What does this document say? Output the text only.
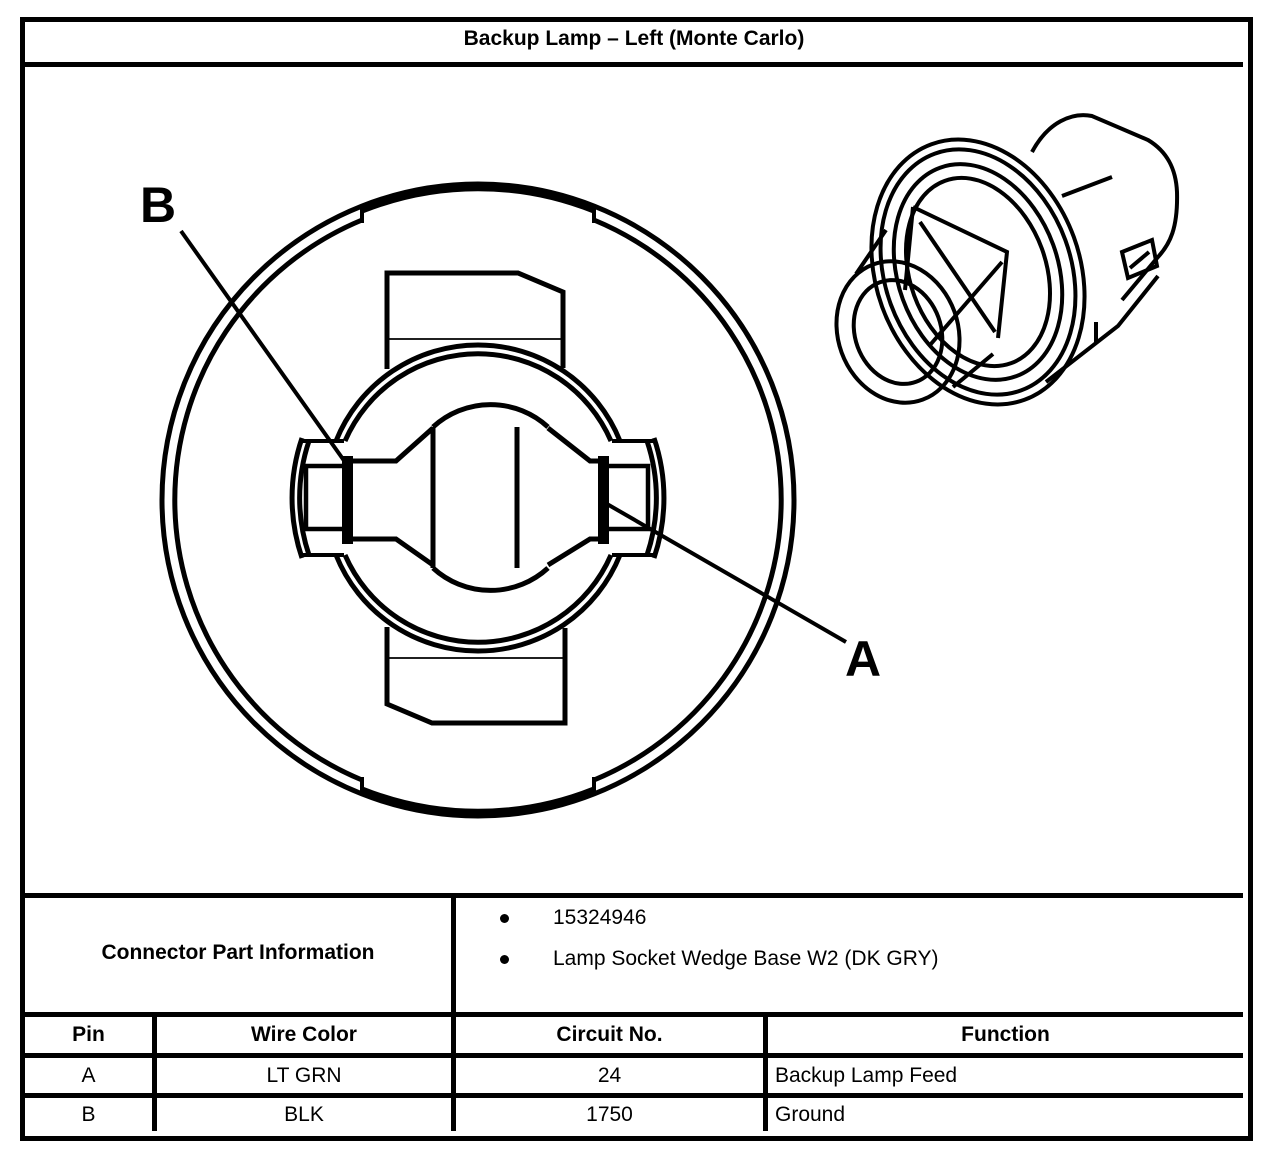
Backup Lamp – Left (Monte Carlo)
B
A
Connector Part Information
15324946
Lamp Socket Wedge Base W2 (DK GRY)
Pin	Wire Color	Circuit No.	Function
A	LT GRN	24	Backup Lamp Feed
B	BLK	1750	Ground
